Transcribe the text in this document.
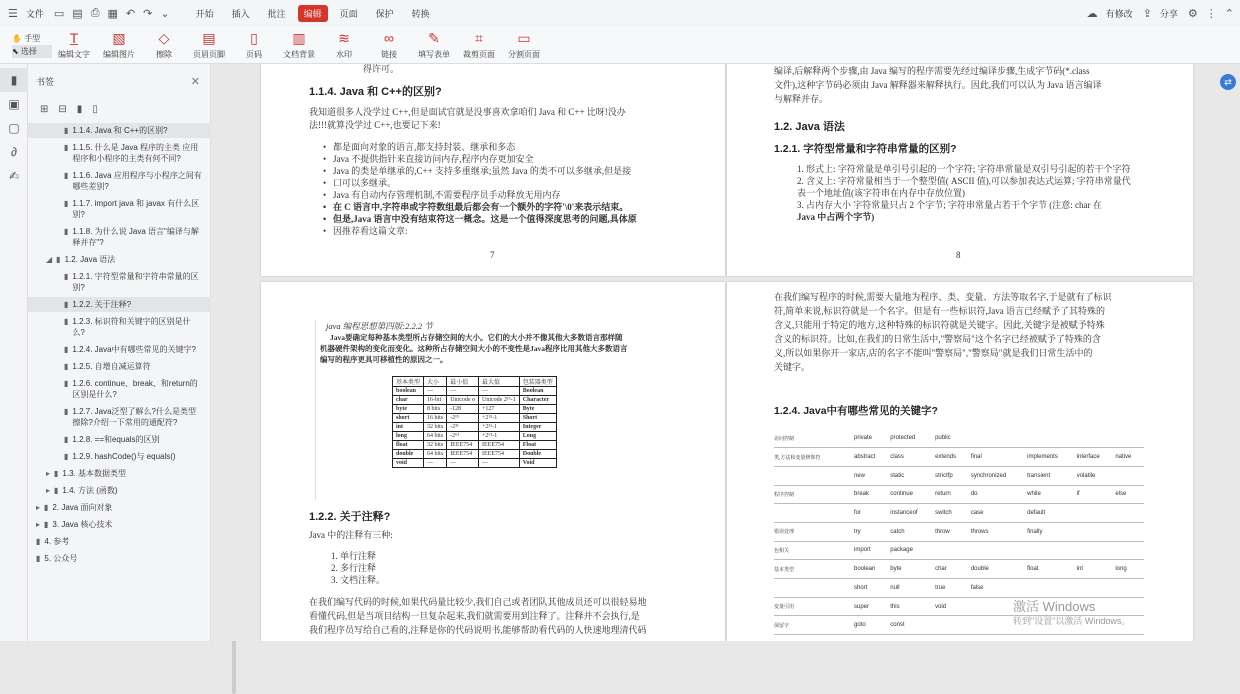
☰ 文件 ▭ ▤ ⎙ ▦ ↶ ↷ ⌄	开始	插入	批注	编辑	页面	保护	转换	☁ 有修改 ⇪ 分享 ⚙ ⋮ ⌃
✋ 手型
⬉ 选择
T̲
编辑文字
▧
编辑图片
◇
擦除
▤
页眉页脚
▯
页码
▥
文档背景
≋
水印
∞
链接
✎
填写表单
⌗
裁剪页面
▭
分割页面
▮
▣
▢
∂
✍
书签	✕
⊞ ⊟ ▮ ▯
▮ 1.1.4. Java 和 C++的区别?
▮ 1.1.5. 什么是 Java 程序的主类 应用程序和小程序的主类有何不同?
▮ 1.1.6. Java 应用程序与小程序之间有哪些差别?
▮ 1.1.7. import java 和 javax 有什么区别?
▮ 1.1.8. 为什么说 Java 语言"编译与解释并存"?
◢ ▮ 1.2. Java 语法
▮ 1.2.1. 字符型常量和字符串常量的区别?
▮ 1.2.2. 关于注释?
▮ 1.2.3. 标识符和关键字的区别是什么?
▮ 1.2.4. Java中有哪些常见的关键字?
▮ 1.2.5. 自增自减运算符
▮ 1.2.6. continue、break、和return的区别是什么?
▮ 1.2.7. Java泛型了解么?什么是类型擦除?介绍一下常用的通配符?
▮ 1.2.8. ==和equals的区别
▮ 1.2.9. hashCode()与 equals()
▸ ▮ 1.3. 基本数据类型
▸ ▮ 1.4. 方法 (函数)
▸ ▮ 2. Java 面向对象
▸ ▮ 3. Java 核心技术
▮ 4. 参考
▮ 5. 公众号
得许可。
1.1.4. Java 和 C++的区别?
我知道很多人没学过 C++,但是面试官就是没事喜欢拿咱们 Java 和 C++ 比呀!没办
法!!!就算没学过 C++,也要记下来!
• 都是面向对象的语言,都支持封装、继承和多态
• Java 不提供指针来直接访问内存,程序内存更加安全
• Java 的类是单继承的,C++ 支持多重继承;虽然 Java 的类不可以多继承,但是接
• 口可以多继承。
• Java 有自动内存管理机制,不需要程序员手动释放无用内存
• 在 C 语言中,字符串或字符数组最后都会有一个额外的字符'\0'来表示结束。
• 但是,Java 语言中没有结束符这一概念。这是一个值得深度思考的问题,具体原
• 因推荐看这篇文章:
7
编译,后解释两个步骤,由 Java 编写的程序需要先经过编译步骤,生成字节码(*.class
文件),这种字节码必须由 Java 解释器来解释执行。因此,我们可以认为 Java 语言编译
与解释并存。
1.2. Java 语法
1.2.1. 字符型常量和字符串常量的区别?
1. 形式上: 字符常量是单引号引起的一个字符; 字符串常量是双引号引起的若干个字符
2. 含义上: 字符常量相当于一个整型值( ASCII 值),可以参加表达式运算; 字符串常量代
表一个地址值(该字符串在内存中存放位置)
3. 占内存大小 字符常量只占 2 个字节; 字符串常量占若干个字节 (注意: char 在
Java 中占两个字节)
8
java 编程思想第四版:2.2.2 节
Java要确定每种基本类型所占存储空间的大小。它们的大小并不像其他大多数语言那样随
机器硬件架构的变化而变化。这种所占存储空间大小的不变性是Java程序比用其他大多数语言
编写的程序更具可移植性的原因之一。
基本类型	大小	最小值	最大值	包装器类型
boolean	—	—	—	Boolean
char	16-bit	Unicode o	Unicode 2¹⁶-1	Character
byte	8 bits	-128	+127	Byte
short	16 bits	-2¹⁵	+2¹⁵-1	Short
int	32 bits	-2³¹	+2³¹-1	Integer
long	64 bits	-2⁶³	+2⁶³-1	Long
float	32 bits	IEEE754	IEEE754	Float
double	64 bits	IEEE754	IEEE754	Double
void	—	—	—	Void
1.2.2. 关于注释?
Java 中的注释有三种:
1. 单行注释
2. 多行注释
3. 文档注释。
在我们编写代码的时候,如果代码量比较少,我们自己或者团队其他成员还可以很轻易地
看懂代码,但是当项目结构一旦复杂起来,我们就需要用到注释了。注释并不会执行,是
我们程序员写给自己看的,注释是你的代码说明书,能够帮助看代码的人快速地理清代码
在我们编写程序的时候,需要大量地为程序、类、变量、方法等取名字,于是就有了标识
符,简单来说,标识符就是一个名字。但是有一些标识符,Java 语言已经赋予了其特殊的
含义,只能用于特定的地方,这种特殊的标识符就是关键字。因此,关键字是被赋予特殊
含义的标识符。比如,在我们的日常生活中,"警察局"这个名字已经被赋予了特殊的含
义,所以如果你开一家店,店的名字不能叫"警察局","警察局"就是我们日常生活中的
关键字。
1.2.4. Java中有哪些常见的关键字?
访问控制	private	protected	public				
类,方法和变量修饰符	abstract	class	extends	final	implements	interface	native
	new	static	strictfp	synchronized	transient	volatile	
程序控制	break	continue	return	do	while	if	else
	for	instanceof	switch	case	default		
错误处理	try	catch	throw	throws	finally		
包相关	import	package					
基本类型	boolean	byte	char	double	float	int	long
	short	null	true	false			
变量引用	super	this	void				
保留字	goto	const					
激活 Windows
转到"设置"以激活 Windows。
⇄
